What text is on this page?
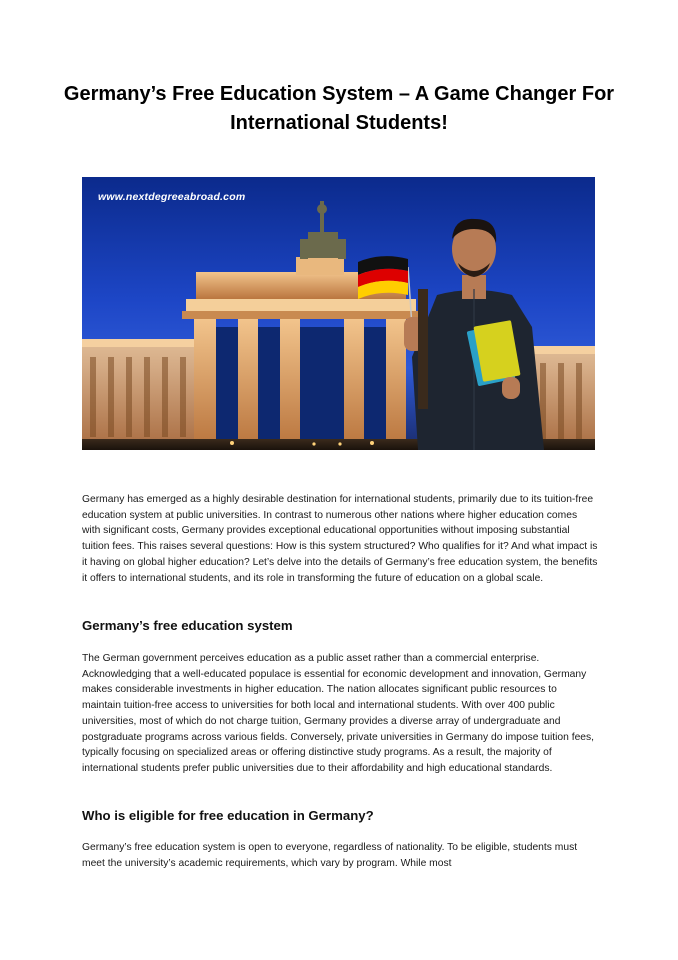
Germany’s Free Education System – A Game Changer For International Students!
www.nextdegreeabroad.com

Germany has emerged as a highly desirable destination for international students, primarily due to its tuition-free education system at public universities. In contrast to numerous other nations where higher education comes with significant costs, Germany provides exceptional educational opportunities without imposing substantial tuition fees. This raises several questions: How is this system structured? Who qualifies for it? And what impact is it having on global higher education? Let’s delve into the details of Germany’s free education system, the benefits it offers to international students, and its role in transforming the future of education on a global scale.

Germany’s free education system

The German government perceives education as a public asset rather than a commercial enterprise. Acknowledging that a well-educated populace is essential for economic development and innovation, Germany makes considerable investments in higher education. The nation allocates significant public resources to maintain tuition-free access to universities for both local and international students. With over 400 public universities, most of which do not charge tuition, Germany provides a diverse array of undergraduate and postgraduate programs across various fields. Conversely, private universities in Germany do impose tuition fees, typically focusing on specialized areas or offering distinctive study programs. As a result, the majority of international students prefer public universities due to their affordability and high educational standards.

Who is eligible for free education in Germany?

Germany’s free education system is open to everyone, regardless of nationality. To be eligible, students must meet the university’s academic requirements, which vary by program. While most
